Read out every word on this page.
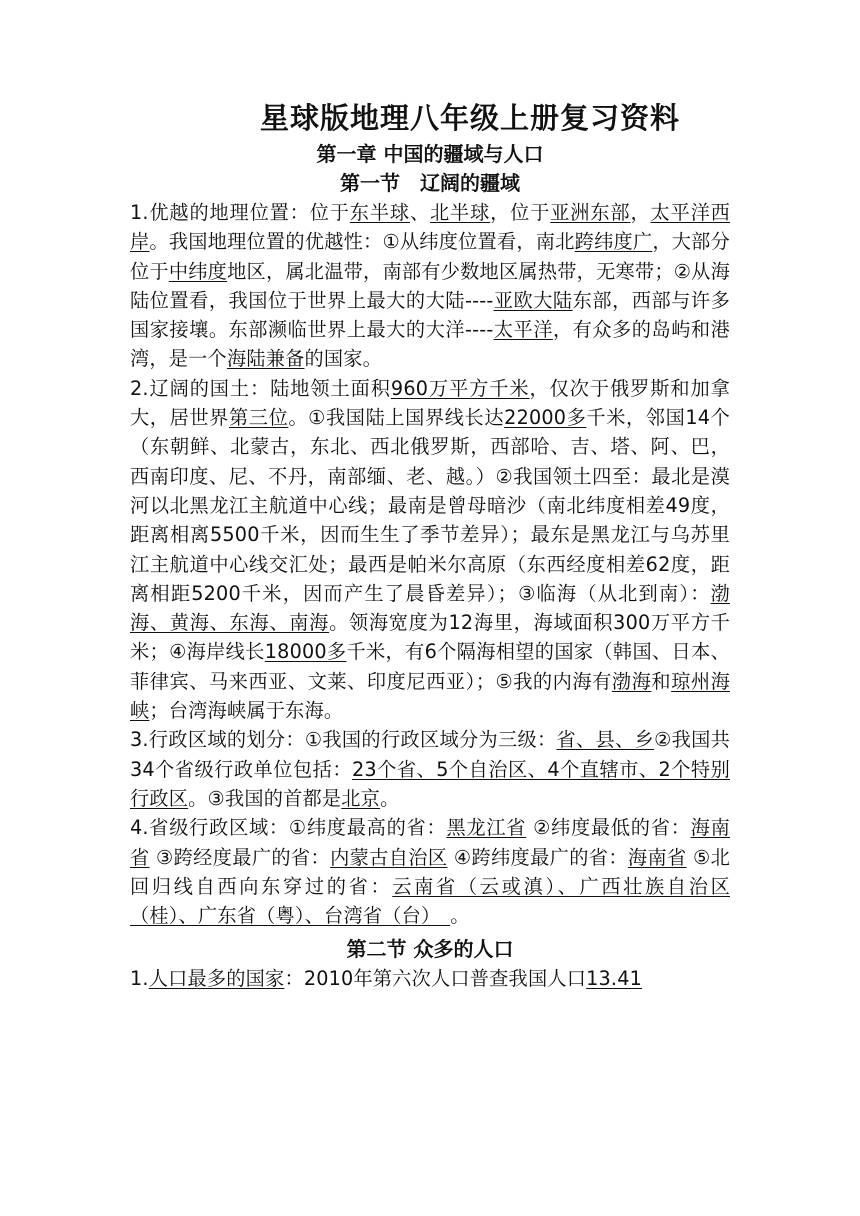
星球版地理八年级上册复习资料
第一章 中国的疆域与人口
第一节　辽阔的疆域

1.优越的地理位置：位于东半球、北半球，位于亚洲东部，太平洋西岸。我国地理位置的优越性：①从纬度位置看，南北跨纬度广，大部分位于中纬度地区，属北温带，南部有少数地区属热带，无寒带；②从海陆位置看，我国位于世界上最大的大陆----亚欧大陆东部，西部与许多国家接壤。东部濒临世界上最大的大洋----太平洋，有众多的岛屿和港湾，是一个海陆兼备的国家。

2.辽阔的国土：陆地领土面积960万平方千米，仅次于俄罗斯和加拿大，居世界第三位。①我国陆上国界线长达22000多千米，邻国14个（东朝鲜、北蒙古，东北、西北俄罗斯，西部哈、吉、塔、阿、巴，西南印度、尼、不丹，南部缅、老、越。）②我国领土四至：最北是漠河以北黑龙江主航道中心线；最南是曾母暗沙（南北纬度相差49度，距离相离5500千米，因而生生了季节差异）；最东是黑龙江与乌苏里江主航道中心线交汇处；最西是帕米尔高原（东西经度相差62度，距离相距5200千米，因而产生了晨昏差异）；③临海（从北到南）：渤海、黄海、东海、南海。领海宽度为12海里，海域面积300万平方千米；④海岸线长18000多千米，有6个隔海相望的国家（韩国、日本、菲律宾、马来西亚、文莱、印度尼西亚）；⑤我的内海有渤海和琼州海峡；台湾海峡属于东海。

3.行政区域的划分：①我国的行政区域分为三级：省、县、乡②我国共34个省级行政单位包括：23个省、5个自治区、4个直辖市、2个特别行政区。③我国的首都是北京。

4.省级行政区域：①纬度最高的省：黑龙江省 ②纬度最低的省：海南省 ③跨经度最广的省：内蒙古自治区 ④跨纬度最广的省：海南省 ⑤北回归线自西向东穿过的省：云南省（云或滇）、广西壮族自治区（桂）、广东省（粤）、台湾省（台）　。

第二节 众多的人口

1.人口最多的国家：2010年第六次人口普查我国人口13.41
